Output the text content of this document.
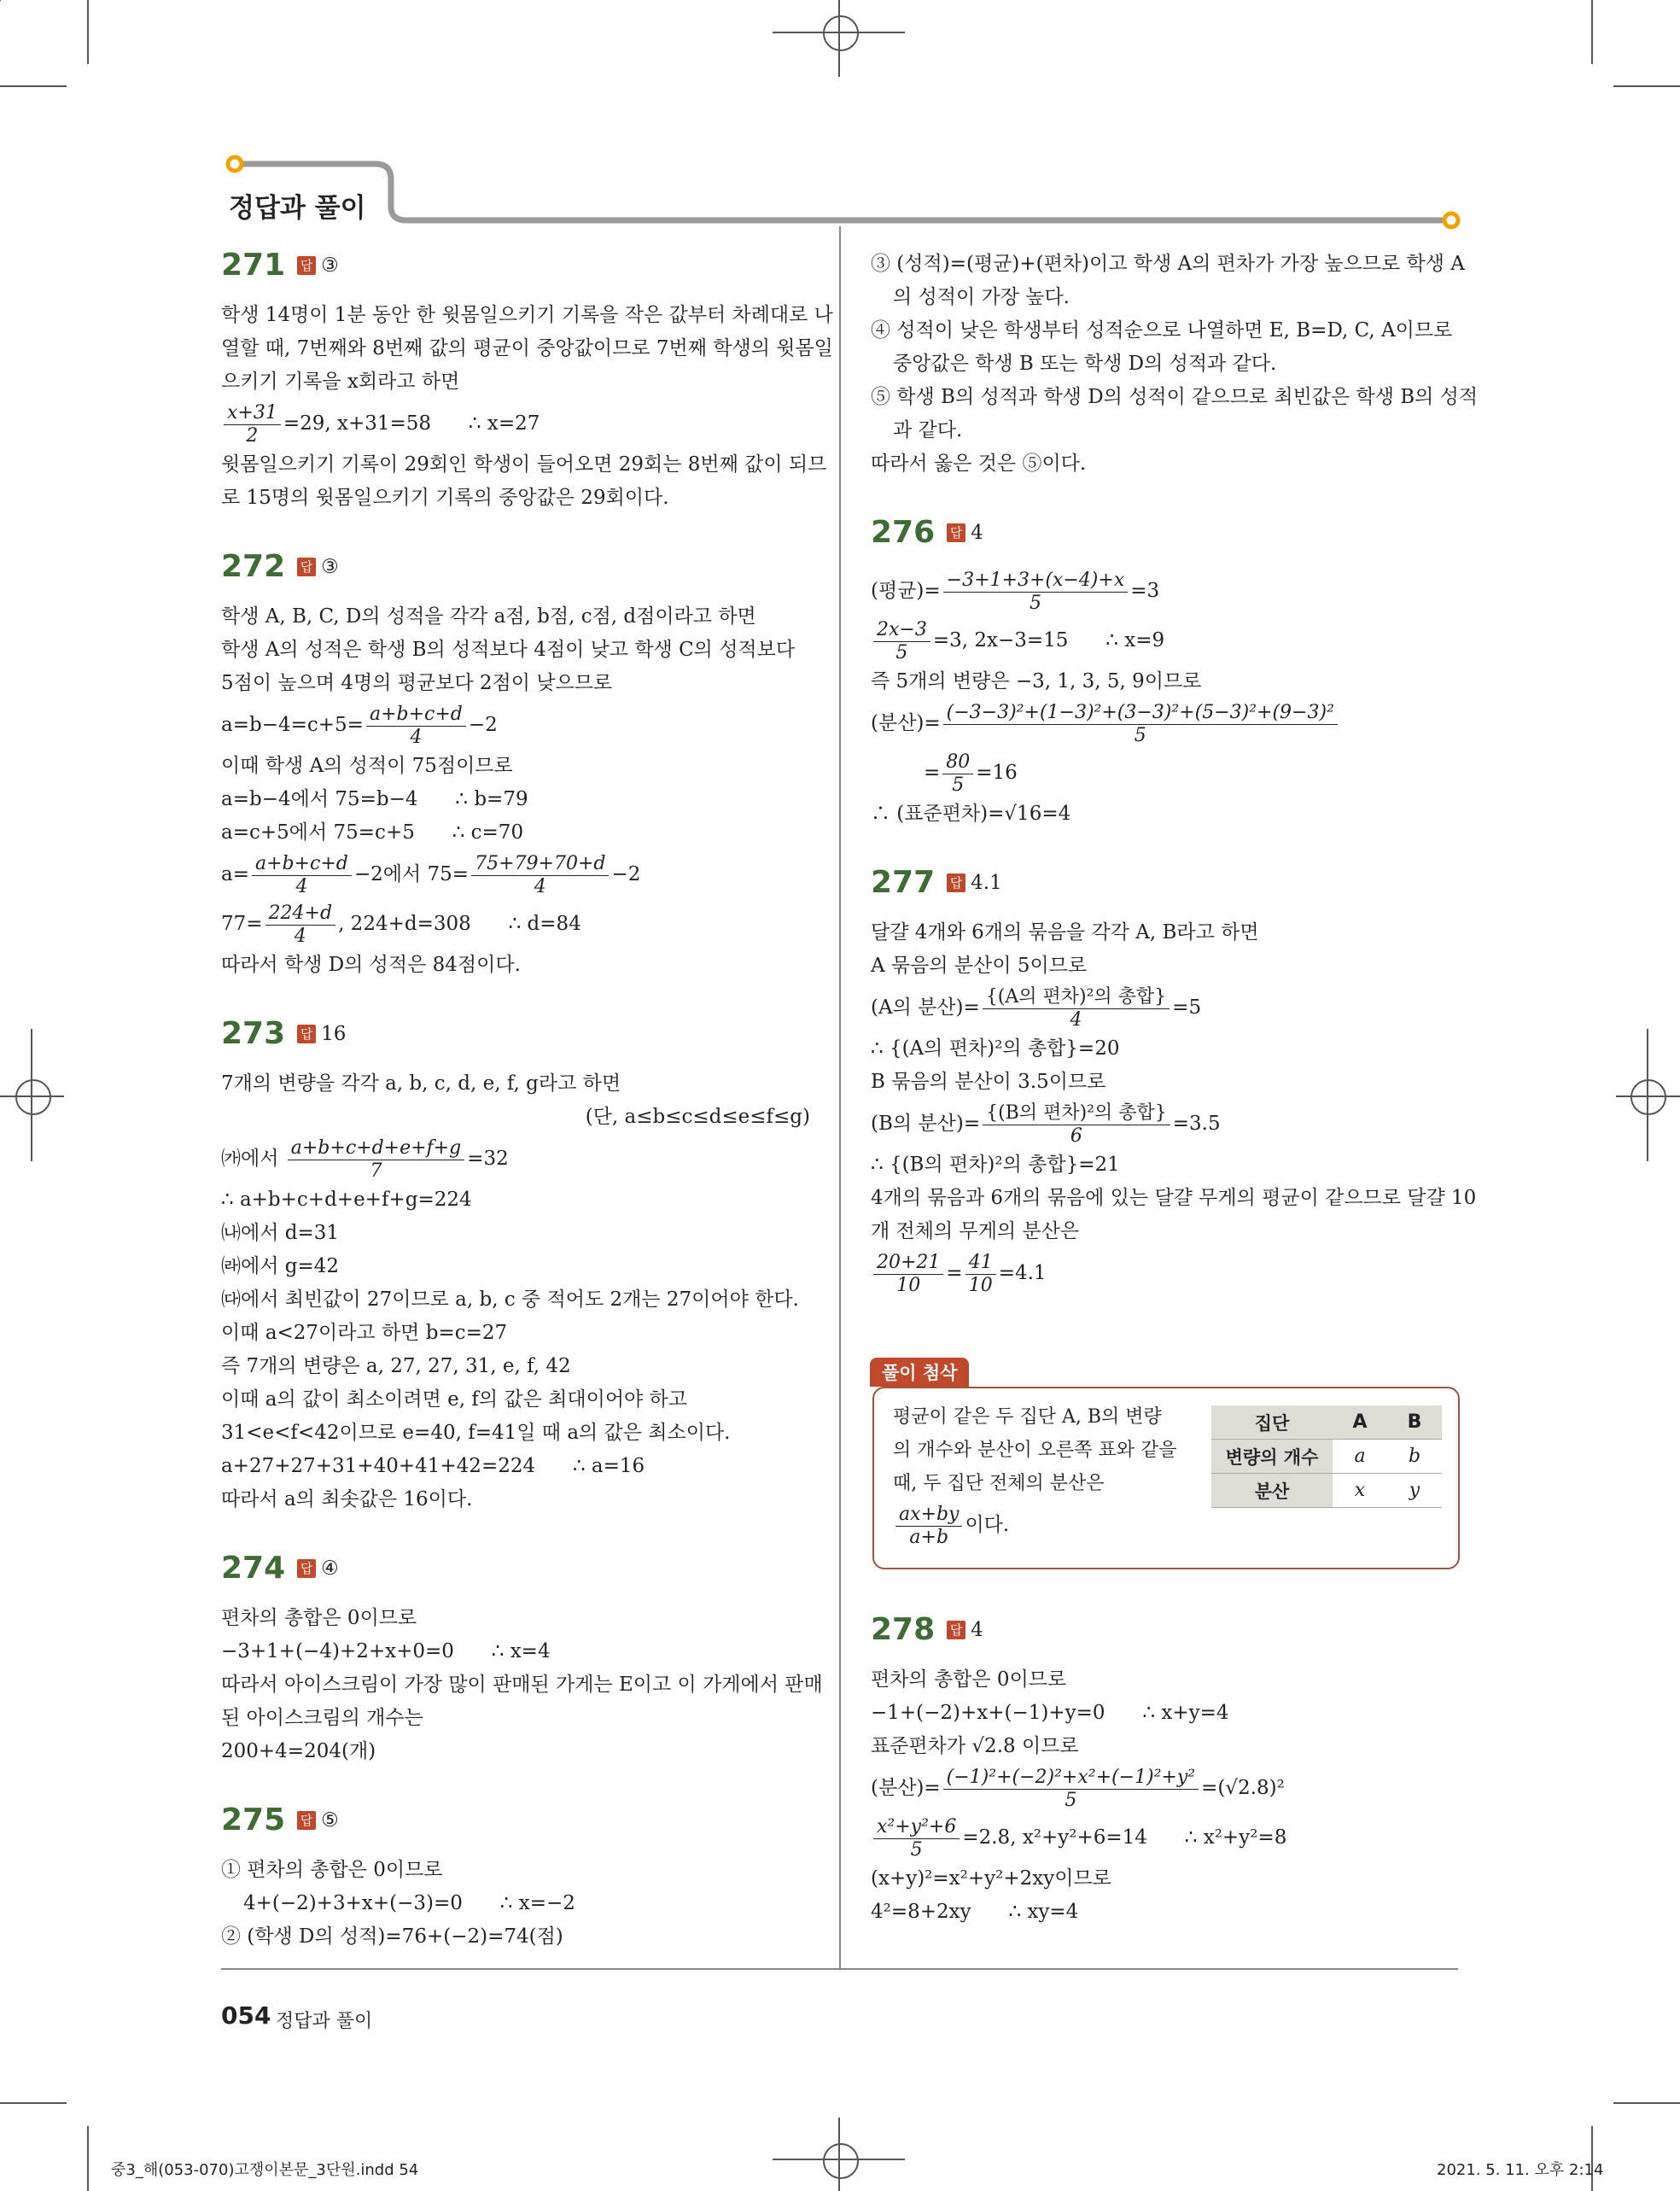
정답과 풀이
271 답 ③
학생 14명이 1분 동안 한 윗몸일으키기 기록을 작은 값부터 차례대로 나
열할 때, 7번째와 8번째 값의 평균이 중앙값이므로 7번째 학생의 윗몸일
으키기 기록을 x회라고 하면
$\frac{x+31}{2} =29$, x+31=58      ∴ x=27
윗몸일으키기 기록이 29회인 학생이 들어오면 29회는 8번째 값이 되므
로 15명의 윗몸일으키기 기록의 중앙값은 29회이다.
272 답 ③
학생 A, B, C, D의 성적을 각각 a점, b점, c점, d점이라고 하면
학생 A의 성적은 학생 B의 성적보다 4점이 낮고 학생 C의 성적보다
5점이 높으며 4명의 평균보다 2점이 낮으므로
$a=b-4=c+5= \frac{a+b+c+d}{4} -2$
이때 학생 A의 성적이 75점이므로
a=b−4에서 75=b−4      ∴ b=79
a=c+5에서 75=c+5      ∴ c=70
$a= \frac{a+b+c+d}{4} -2$에서 $75= \frac{75+79+70+d}{4} -2$
$77= \frac{224+d}{4}$ , 224+d=308      ∴ d=84
따라서 학생 D의 성적은 84점이다.
273 답 16
7개의 변량을 각각 a, b, c, d, e, f, g라고 하면
(단, a≤b≤c≤d≤e≤f≤g)
㈎에서 $\frac{a+b+c+d+e+f+g}{7} =32$
∴ a+b+c+d+e+f+g=224
㈏에서 d=31
㈑에서 g=42
㈐에서 최빈값이 27이므로 a, b, c 중 적어도 2개는 27이어야 한다.
이때 a<27이라고 하면 b=c=27
즉 7개의 변량은 a, 27, 27, 31, e, f, 42
이때 a의 값이 최소이려면 e, f의 값은 최대이어야 하고
31<e<f<42이므로 e=40, f=41일 때 a의 값은 최소이다.
a+27+27+31+40+41+42=224      ∴ a=16
따라서 a의 최솟값은 16이다.
274 답 ④
편차의 총합은 0이므로
−3+1+(−4)+2+x+0=0      ∴ x=4
따라서 아이스크림이 가장 많이 판매된 가게는 E이고 이 가게에서 판매
된 아이스크림의 개수는
200+4=204(개)
275 답 ⑤
① 편차의 총합은 0이므로
4+(−2)+3+x+(−3)=0      ∴ x=−2
② (학생 D의 성적)=76+(−2)=74(점)
③ (성적)=(평균)+(편차)이고 학생 A의 편차가 가장 높으므로 학생 A
의 성적이 가장 높다.
④ 성적이 낮은 학생부터 성적순으로 나열하면 E, B=D, C, A이므로
중앙값은 학생 B 또는 학생 D의 성적과 같다.
⑤ 학생 B의 성적과 학생 D의 성적이 같으므로 최빈값은 학생 B의 성적
과 같다.
따라서 옳은 것은 ⑤이다.
276 답 4
(평균)= $\frac{-3+1+3+(x-4)+x}{5} =3$
$\frac{2x-3}{5} =3$, 2x−3=15      ∴ x=9
즉 5개의 변량은 −3, 1, 3, 5, 9이므로
(분산)= $\frac{\text{(−3−3)²+(1−3)²+(3−3)²+(5−3)²+(9−3)²}}{5}$
= $\frac{80}{5} =16$
∴ (표준편차)=√16=4
277 답 4.1
달걀 4개와 6개의 묶음을 각각 A, B라고 하면
A 묶음의 분산이 5이므로
(A의 분산)= $\frac{\text{\{(A의 편차)²의 총합\}}}{4} =5$
∴ {(A의 편차)²의 총합}=20
B 묶음의 분산이 3.5이므로
(B의 분산)= $\frac{\text{\{(B의 편차)²의 총합\}}}{6} =3.5$
∴ {(B의 편차)²의 총합}=21
4개의 묶음과 6개의 묶음에 있는 달걀 무게의 평균이 같으므로 달걀 10
개 전체의 무게의 분산은
$\frac{20+21}{10} = \frac{41}{10} =4.1$
풀이 첨삭
평균이 같은 두 집단 A, B의 변량
의 개수와 분산이 오른쪽 표와 같을
때, 두 집단 전체의 분산은
$\frac{ax+by}{a+b}$ 이다.
집단	A	B
변량의 개수	a	b
분산	x	y
278 답 4
편차의 총합은 0이므로
−1+(−2)+x+(−1)+y=0      ∴ x+y=4
표준편차가 √2.8 이므로
(분산)= $\frac{\text{(−1)²+(−2)²+x²+(−1)²+y²}}{5} =(√2.8)^2$
$\frac{\text{x²+y²+6}}{5} =2.8$, x²+y²+6=14      ∴ x²+y²=8
(x+y)²=x²+y²+2xy이므로
4²=8+2xy      ∴ xy=4
054 정답과 풀이
중3_해(053-070)고쟁이본문_3단원.indd 54	2021. 5. 11. 오후 2:14
